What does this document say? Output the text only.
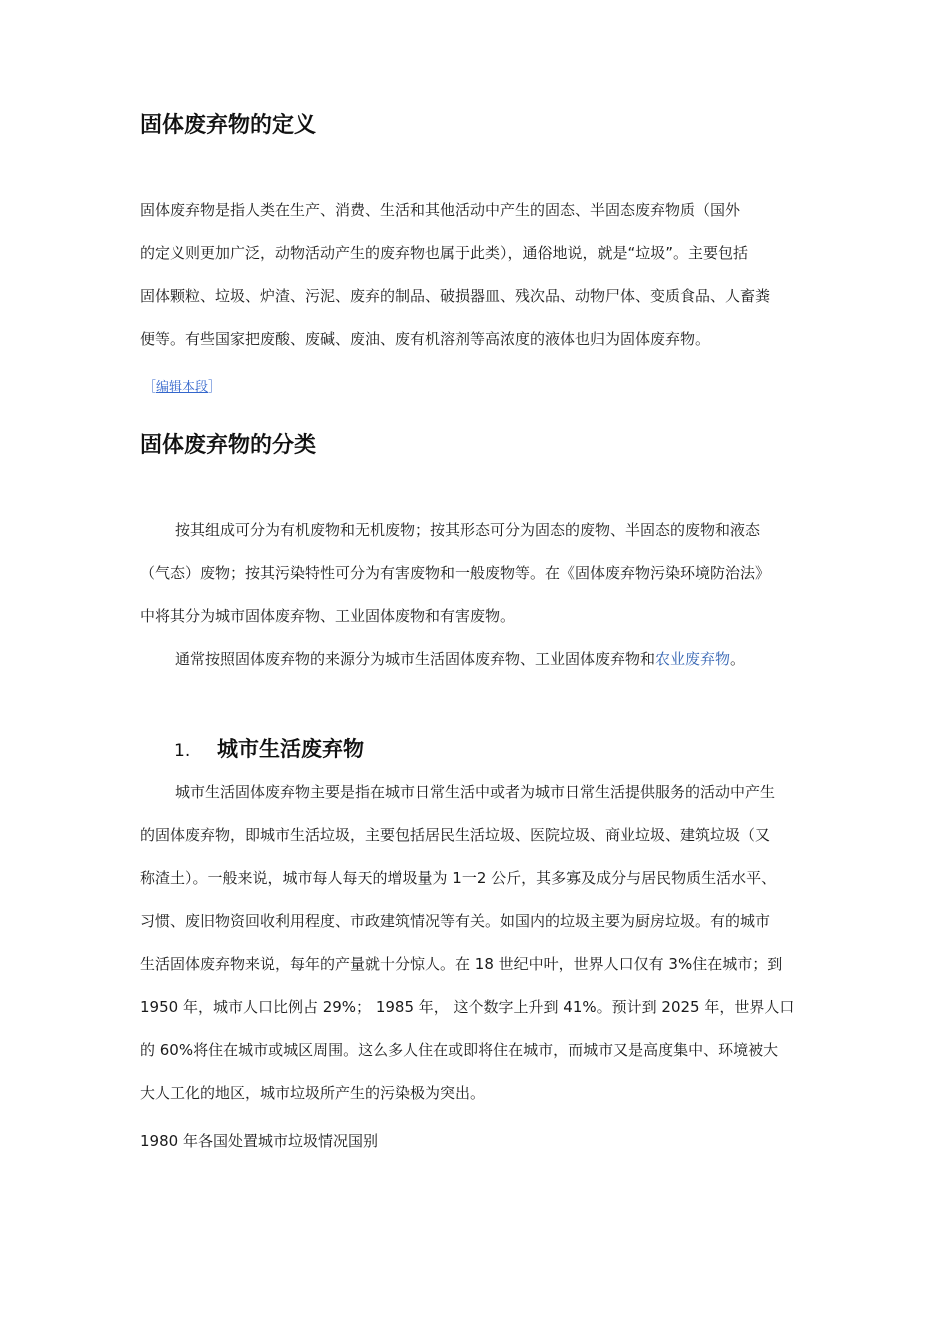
固体废弃物的定义
固体废弃物是指人类在生产、消费、生活和其他活动中产生的固态、半固态废弃物质（国外
的定义则更加广泛，动物活动产生的废弃物也属于此类），通俗地说，就是“垃圾”。主要包括
固体颗粒、垃圾、炉渣、污泥、废弃的制品、破损器皿、残次品、动物尸体、变质食品、人畜粪
便等。有些国家把废酸、废碱、废油、废有机溶剂等高浓度的液体也归为固体废弃物。
［编辑本段］
固体废弃物的分类
按其组成可分为有机废物和无机废物；按其形态可分为固态的废物、半固态的废物和液态
（气态）废物；按其污染特性可分为有害废物和一般废物等。在《固体废弃物污染环境防治法》
中将其分为城市固体废弃物、工业固体废物和有害废物。
通常按照固体废弃物的来源分为城市生活固体废弃物、工业固体废弃物和农业废弃物。
1. 城市生活废弃物
城市生活固体废弃物主要是指在城市日常生活中或者为城市日常生活提供服务的活动中产生
的固体废弃物，即城市生活垃圾，主要包括居民生活垃圾、医院垃圾、商业垃圾、建筑垃圾（又
称渣土）。一般来说，城市每人每天的增圾量为 1一2 公斤，其多寡及成分与居民物质生活水平、
习惯、废旧物资回收利用程度、市政建筑情况等有关。如国内的垃圾主要为厨房垃圾。有的城市
生活固体废弃物来说，每年的产量就十分惊人。在 18 世纪中叶，世界人口仅有 3%住在城市；到
1950 年，城市人口比例占 29%； 1985 年， 这个数字上升到 41%。预计到 2025 年，世界人口
的 60%将住在城市或城区周围。这么多人住在或即将住在城市，而城市又是高度集中、环境被大
大人工化的地区，城市垃圾所产生的污染极为突出。
1980 年各国处置城市垃圾情况国别
